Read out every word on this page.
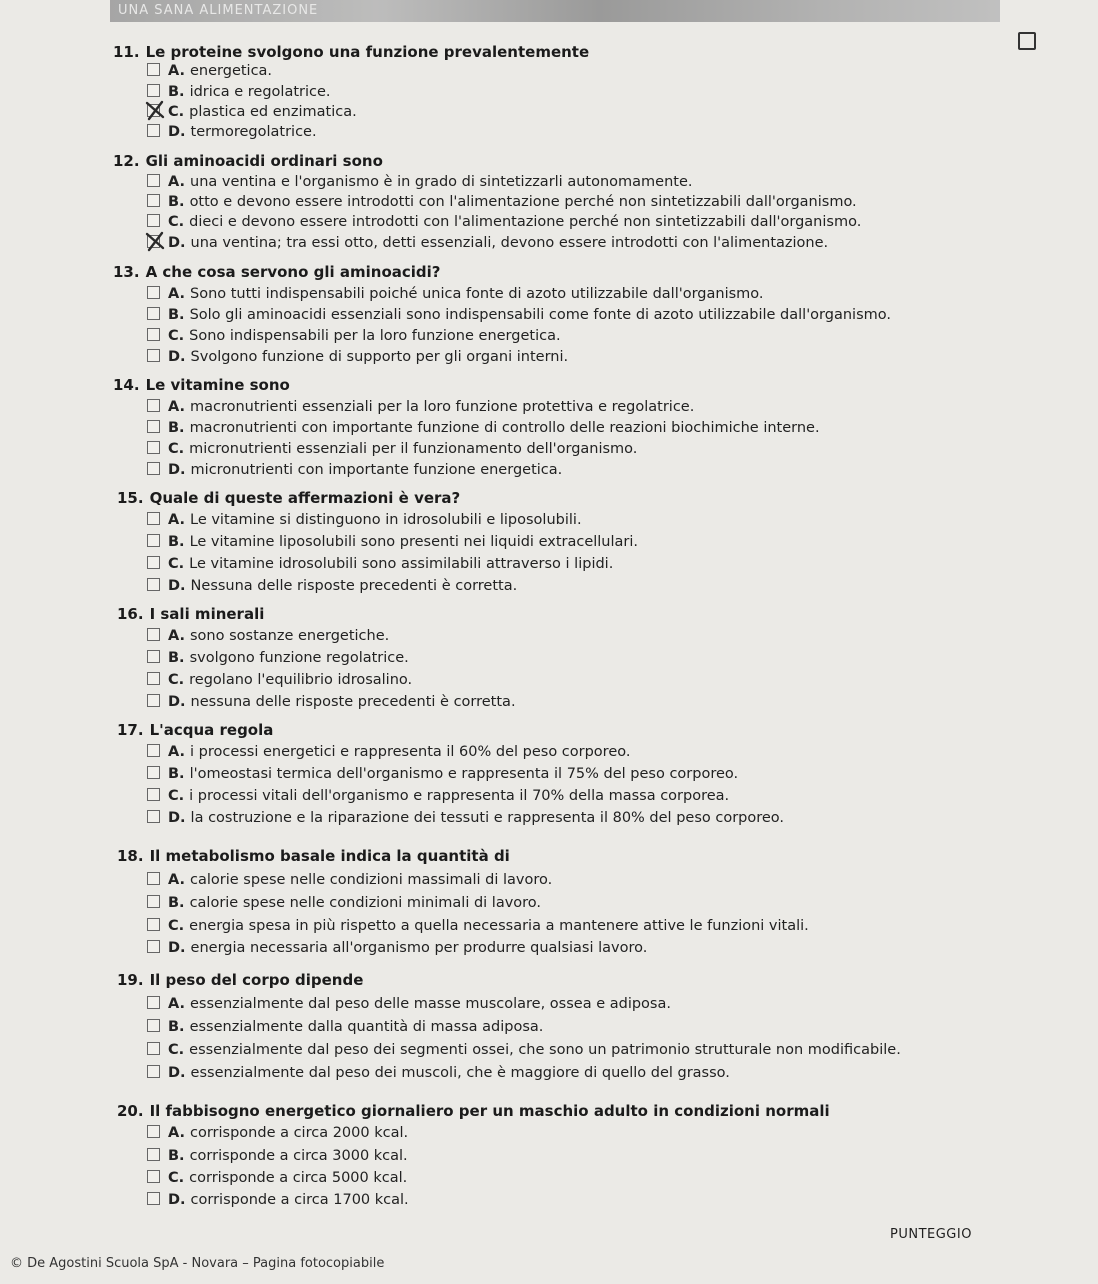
UNA SANA ALIMENTAZIONE
11. Le proteine svolgono una funzione prevalentemente
A. energetica.
B. idrica e regolatrice.
C. plastica ed enzimatica.
D. termoregolatrice.
12. Gli aminoacidi ordinari sono
A. una ventina e l'organismo è in grado di sintetizzarli autonomamente.
B. otto e devono essere introdotti con l'alimentazione perché non sintetizzabili dall'organismo.
C. dieci e devono essere introdotti con l'alimentazione perché non sintetizzabili dall'organismo.
D. una ventina; tra essi otto, detti essenziali, devono essere introdotti con l'alimentazione.
13. A che cosa servono gli aminoacidi?
A. Sono tutti indispensabili poiché unica fonte di azoto utilizzabile dall'organismo.
B. Solo gli aminoacidi essenziali sono indispensabili come fonte di azoto utilizzabile dall'organismo.
C. Sono indispensabili per la loro funzione energetica.
D. Svolgono funzione di supporto per gli organi interni.
14. Le vitamine sono
A. macronutrienti essenziali per la loro funzione protettiva e regolatrice.
B. macronutrienti con importante funzione di controllo delle reazioni biochimiche interne.
C. micronutrienti essenziali per il funzionamento dell'organismo.
D. micronutrienti con importante funzione energetica.
15. Quale di queste affermazioni è vera?
A. Le vitamine si distinguono in idrosolubili e liposolubili.
B. Le vitamine liposolubili sono presenti nei liquidi extracellulari.
C. Le vitamine idrosolubili sono assimilabili attraverso i lipidi.
D. Nessuna delle risposte precedenti è corretta.
16. I sali minerali
A. sono sostanze energetiche.
B. svolgono funzione regolatrice.
C. regolano l'equilibrio idrosalino.
D. nessuna delle risposte precedenti è corretta.
17. L'acqua regola
A. i processi energetici e rappresenta il 60% del peso corporeo.
B. l'omeostasi termica dell'organismo e rappresenta il 75% del peso corporeo.
C. i processi vitali dell'organismo e rappresenta il 70% della massa corporea.
D. la costruzione e la riparazione dei tessuti e rappresenta il 80% del peso corporeo.
18. Il metabolismo basale indica la quantità di
A. calorie spese nelle condizioni massimali di lavoro.
B. calorie spese nelle condizioni minimali di lavoro.
C. energia spesa in più rispetto a quella necessaria a mantenere attive le funzioni vitali.
D. energia necessaria all'organismo per produrre qualsiasi lavoro.
19. Il peso del corpo dipende
A. essenzialmente dal peso delle masse muscolare, ossea e adiposa.
B. essenzialmente dalla quantità di massa adiposa.
C. essenzialmente dal peso dei segmenti ossei, che sono un patrimonio strutturale non modificabile.
D. essenzialmente dal peso dei muscoli, che è maggiore di quello del grasso.
20. Il fabbisogno energetico giornaliero per un maschio adulto in condizioni normali
A. corrisponde a circa 2000 kcal.
B. corrisponde a circa 3000 kcal.
C. corrisponde a circa 5000 kcal.
D. corrisponde a circa 1700 kcal.
PUNTEGGIO
© De Agostini Scuola SpA - Novara – Pagina fotocopiabile
